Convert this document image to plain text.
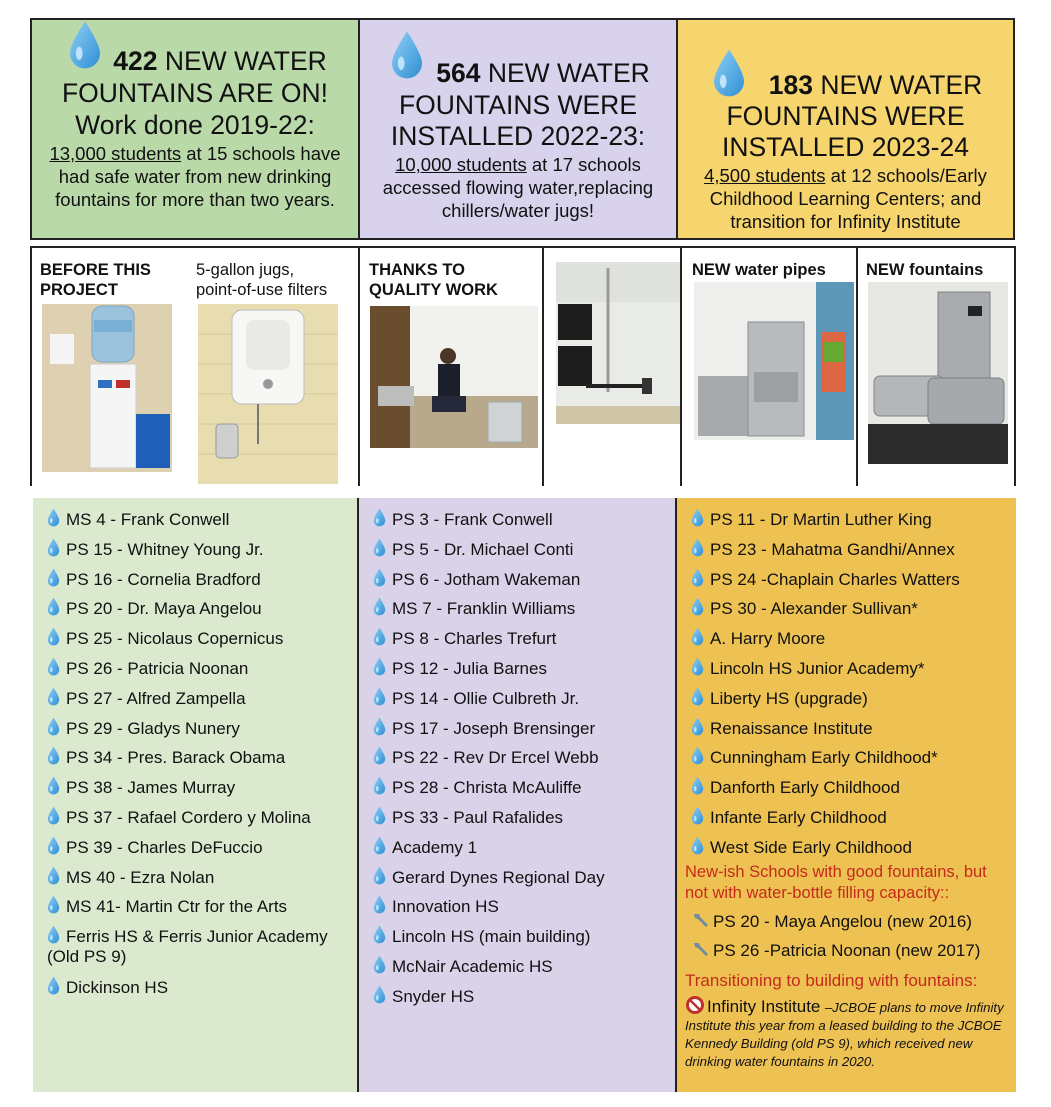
422 NEW WATER
FOUNTAINS ARE ON!
Work done 2019-22:
13,000 students at 15 schools have had safe water from new drinking fountains for more than two years.
564 NEW WATER
FOUNTAINS WERE
INSTALLED 2022-23:
10,000 students at 17 schools accessed flowing water,replacing chillers/water jugs!
183 NEW WATER
FOUNTAINS WERE
INSTALLED 2023-24
4,500 students at 12 schools/Early Childhood Learning Centers; and transition for Infinity Institute
BEFORE THIS
PROJECT
5-gallon jugs,
point-of-use filters
THANKS TO
QUALITY WORK
NEW water pipes NEW fountains
MS 4 - Frank Conwell
PS 15 - Whitney Young Jr.
PS 16 - Cornelia Bradford
PS 20 - Dr. Maya Angelou
PS 25 - Nicolaus Copernicus
PS 26 - Patricia Noonan
PS 27 - Alfred Zampella
PS 29 - Gladys Nunery
PS 34 - Pres. Barack Obama
PS 38 - James Murray
PS 37 - Rafael Cordero y Molina
PS 39 - Charles DeFuccio
MS 40 - Ezra Nolan
MS 41- Martin Ctr for the Arts
Ferris HS & Ferris Junior Academy (Old PS 9)
Dickinson HS
PS 3 - Frank Conwell
PS 5 - Dr. Michael Conti
PS 6 - Jotham Wakeman
MS 7 - Franklin Williams
PS 8 - Charles Trefurt
PS 12 - Julia Barnes
PS 14 - Ollie Culbreth Jr.
PS 17 - Joseph Brensinger
PS 22 - Rev Dr Ercel Webb
PS 28 - Christa McAuliffe
PS 33 - Paul Rafalides
Academy 1
Gerard Dynes Regional Day
Innovation HS
Lincoln HS (main building)
McNair Academic HS
Snyder HS
PS 11 - Dr Martin Luther King
PS 23 - Mahatma Gandhi/Annex
PS 24 -Chaplain Charles Watters
PS 30 - Alexander Sullivan*
A. Harry Moore
Lincoln HS Junior Academy*
Liberty HS (upgrade)
Renaissance Institute
Cunningham Early Childhood*
Danforth Early Childhood
Infante Early Childhood
West Side Early Childhood
New-ish Schools with good fountains, but not with water-bottle filling capacity::
PS 20 - Maya Angelou (new 2016)
PS 26 -Patricia Noonan (new 2017)
Transitioning to building with fountains:
Infinity Institute –JCBOE plans to move Infinity Institute this year from a leased building to the JCBOE Kennedy Building (old PS 9), which received new drinking water fountains in 2020.
